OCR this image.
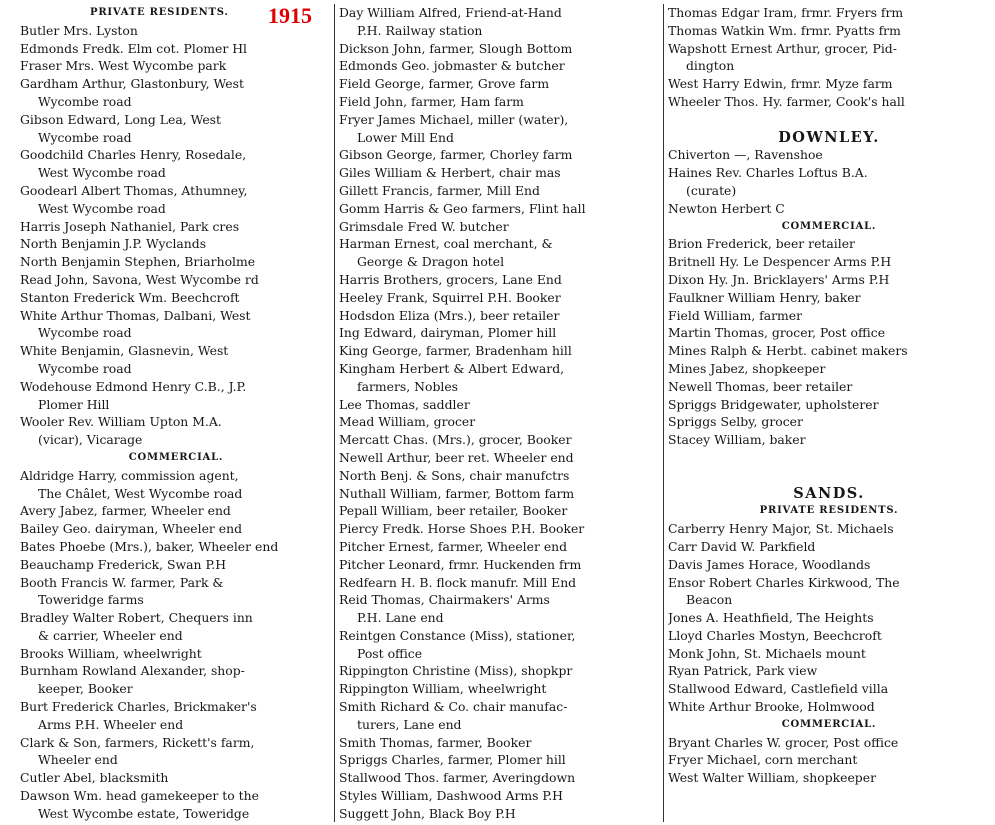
PRIVATE RESIDENTS.
Butler Mrs. Lyston
Edmonds Fredk. Elm cot. Plomer Hl
Fraser Mrs. West Wycombe park
Gardham Arthur, Glastonbury, West
Wycombe road
Gibson Edward, Long Lea, West
Wycombe road
Goodchild Charles Henry, Rosedale,
West Wycombe road
Goodearl Albert Thomas, Athumney,
West Wycombe road
Harris Joseph Nathaniel, Park cres
North Benjamin J.P. Wyclands
North Benjamin Stephen, Briarholme
Read John, Savona, West Wycombe rd
Stanton Frederick Wm. Beechcroft
White Arthur Thomas, Dalbani, West
Wycombe road
White Benjamin, Glasnevin, West
Wycombe road
Wodehouse Edmond Henry C.B., J.P.
Plomer Hill
Wooler Rev. William Upton M.A.
(vicar), Vicarage
COMMERCIAL.
Aldridge Harry, commission agent,
The Châlet, West Wycombe road
Avery Jabez, farmer, Wheeler end
Bailey Geo. dairyman, Wheeler end
Bates Phoebe (Mrs.), baker, Wheeler end
Beauchamp Frederick, Swan P.H
Booth Francis W. farmer, Park &
Toweridge farms
Bradley Walter Robert, Chequers inn
& carrier, Wheeler end
Brooks William, wheelwright
Burnham Rowland Alexander, shop-
keeper, Booker
Burt Frederick Charles, Brickmaker's
Arms P.H. Wheeler end
Clark & Son, farmers, Rickett's farm,
Wheeler end
Cutler Abel, blacksmith
Dawson Wm. head gamekeeper to the
West Wycombe estate, Toweridge
Day William Alfred, Friend-at-Hand
P.H. Railway station
Dickson John, farmer, Slough Bottom
Edmonds Geo. jobmaster & butcher
Field George, farmer, Grove farm
Field John, farmer, Ham farm
Fryer James Michael, miller (water),
Lower Mill End
Gibson George, farmer, Chorley farm
Giles William & Herbert, chair mas
Gillett Francis, farmer, Mill End
Gomm Harris & Geo farmers, Flint hall
Grimsdale Fred W. butcher
Harman Ernest, coal merchant, &
George & Dragon hotel
Harris Brothers, grocers, Lane End
Heeley Frank, Squirrel P.H. Booker
Hodsdon Eliza (Mrs.), beer retailer
Ing Edward, dairyman, Plomer hill
King George, farmer, Bradenham hill
Kingham Herbert & Albert Edward,
farmers, Nobles
Lee Thomas, saddler
Mead William, grocer
Mercatt Chas. (Mrs.), grocer, Booker
Newell Arthur, beer ret. Wheeler end
North Benj. & Sons, chair manufctrs
Nuthall William, farmer, Bottom farm
Pepall William, beer retailer, Booker
Piercy Fredk. Horse Shoes P.H. Booker
Pitcher Ernest, farmer, Wheeler end
Pitcher Leonard, frmr. Huckenden frm
Redfearn H. B. flock manufr. Mill End
Reid Thomas, Chairmakers' Arms
P.H. Lane end
Reintgen Constance (Miss), stationer,
Post office
Rippington Christine (Miss), shopkpr
Rippington William, wheelwright
Smith Richard & Co. chair manufac-
turers, Lane end
Smith Thomas, farmer, Booker
Spriggs Charles, farmer, Plomer hill
Stallwood Thos. farmer, Averingdown
Styles William, Dashwood Arms P.H
Suggett John, Black Boy P.H
Thomas Edgar Iram, frmr. Fryers frm
Thomas Watkin Wm. frmr. Pyatts frm
Wapshott Ernest Arthur, grocer, Pid-
dington
West Harry Edwin, frmr. Myze farm
Wheeler Thos. Hy. farmer, Cook's hall
DOWNLEY.
Chiverton —, Ravenshoe
Haines Rev. Charles Loftus B.A.
(curate)
Newton Herbert C
COMMERCIAL.
Brion Frederick, beer retailer
Britnell Hy. Le Despencer Arms P.H
Dixon Hy. Jn. Bricklayers' Arms P.H
Faulkner William Henry, baker
Field William, farmer
Martin Thomas, grocer, Post office
Mines Ralph & Herbt. cabinet makers
Mines Jabez, shopkeeper
Newell Thomas, beer retailer
Spriggs Bridgewater, upholsterer
Spriggs Selby, grocer
Stacey William, baker
SANDS.
PRIVATE RESIDENTS.
Carberry Henry Major, St. Michaels
Carr David W. Parkfield
Davis James Horace, Woodlands
Ensor Robert Charles Kirkwood, The
Beacon
Jones A. Heathfield, The Heights
Lloyd Charles Mostyn, Beechcroft
Monk John, St. Michaels mount
Ryan Patrick, Park view
Stallwood Edward, Castlefield villa
White Arthur Brooke, Holmwood
COMMERCIAL.
Bryant Charles W. grocer, Post office
Fryer Michael, corn merchant
West Walter William, shopkeeper
1915
